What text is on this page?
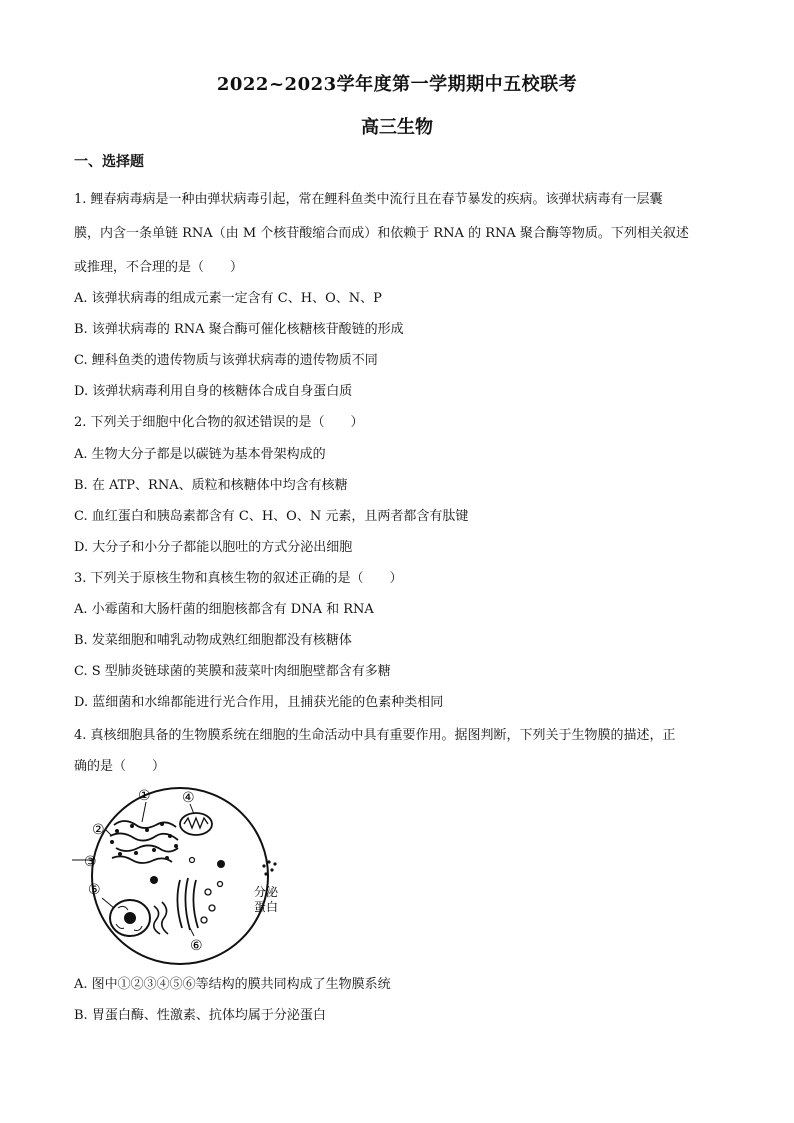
2022~2023学年度第一学期期中五校联考
高三生物
一、选择题
1. 鲤春病毒病是一种由弹状病毒引起，常在鲤科鱼类中流行且在春节暴发的疾病。该弹状病毒有一层囊
膜，内含一条单链 RNA（由 M 个核苷酸缩合而成）和依赖于 RNA 的 RNA 聚合酶等物质。下列相关叙述
或推理，不合理的是（　　）
A. 该弹状病毒的组成元素一定含有 C、H、O、N、P
B. 该弹状病毒的 RNA 聚合酶可催化核糖核苷酸链的形成
C. 鲤科鱼类的遗传物质与该弹状病毒的遗传物质不同
D. 该弹状病毒利用自身的核糖体合成自身蛋白质
2. 下列关于细胞中化合物的叙述错误的是（　　）
A. 生物大分子都是以碳链为基本骨架构成的
B. 在 ATP、RNA、质粒和核糖体中均含有核糖
C. 血红蛋白和胰岛素都含有 C、H、O、N 元素，且两者都含有肽键
D. 大分子和小分子都能以胞吐的方式分泌出细胞
3. 下列关于原核生物和真核生物的叙述正确的是（　　）
A. 小霉菌和大肠杆菌的细胞核都含有 DNA 和 RNA
B. 发菜细胞和哺乳动物成熟红细胞都没有核糖体
C. S 型肺炎链球菌的荚膜和菠菜叶肉细胞壁都含有多糖
D. 蓝细菌和水绵都能进行光合作用，且捕获光能的色素种类相同
4. 真核细胞具备的生物膜系统在细胞的生命活动中具有重要作用。据图判断，下列关于生物膜的描述，正
确的是（　　）
①
②
③
④
⑤
⑥
分泌
蛋白
A. 图中①②③④⑤⑥等结构的膜共同构成了生物膜系统
B. 胃蛋白酶、性激素、抗体均属于分泌蛋白
